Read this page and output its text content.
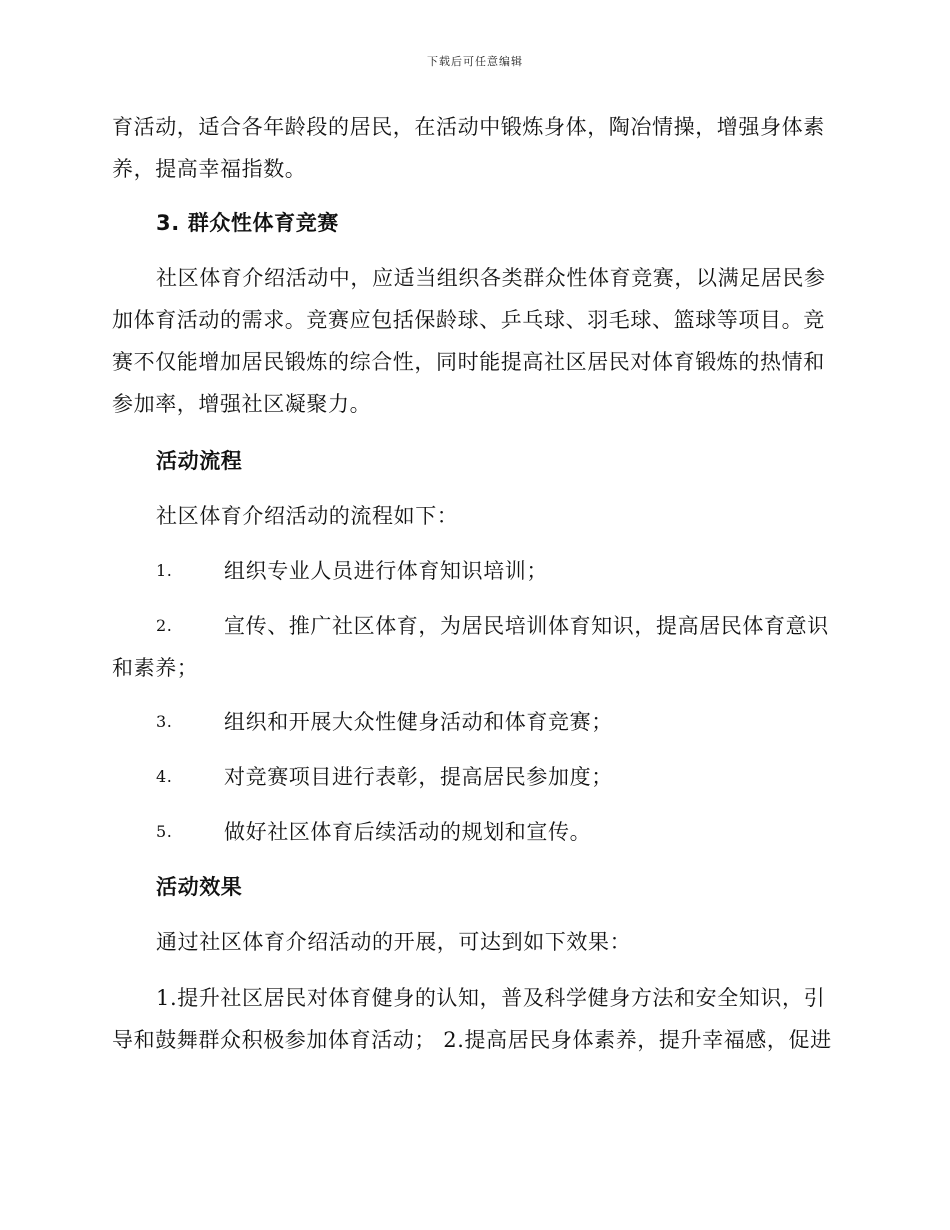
下载后可任意编辑
育活动，适合各年龄段的居民，在活动中锻炼身体，陶冶情操，增强身体素
养，提高幸福指数。
3. 群众性体育竞赛
社区体育介绍活动中，应适当组织各类群众性体育竞赛，以满足居民参加体育活动的需求。竞赛应包括保龄球、乒乓球、羽毛球、篮球等项目。竞赛不仅能增加居民锻炼的综合性，同时能提高社区居民对体育锻炼的热情和参加率，增强社区凝聚力。
活动流程
社区体育介绍活动的流程如下：
1.	组织专业人员进行体育知识培训；
2.	宣传、推广社区体育，为居民培训体育知识，提高居民体育意识
和素养；
3.	组织和开展大众性健身活动和体育竞赛；
4.	对竞赛项目进行表彰，提高居民参加度；
5.	做好社区体育后续活动的规划和宣传。
活动效果
通过社区体育介绍活动的开展，可达到如下效果：
1.提升社区居民对体育健身的认知，普及科学健身方法和安全知识，引导和鼓舞群众积极参加体育活动； 2.提高居民身体素养，提升幸福感，促进
